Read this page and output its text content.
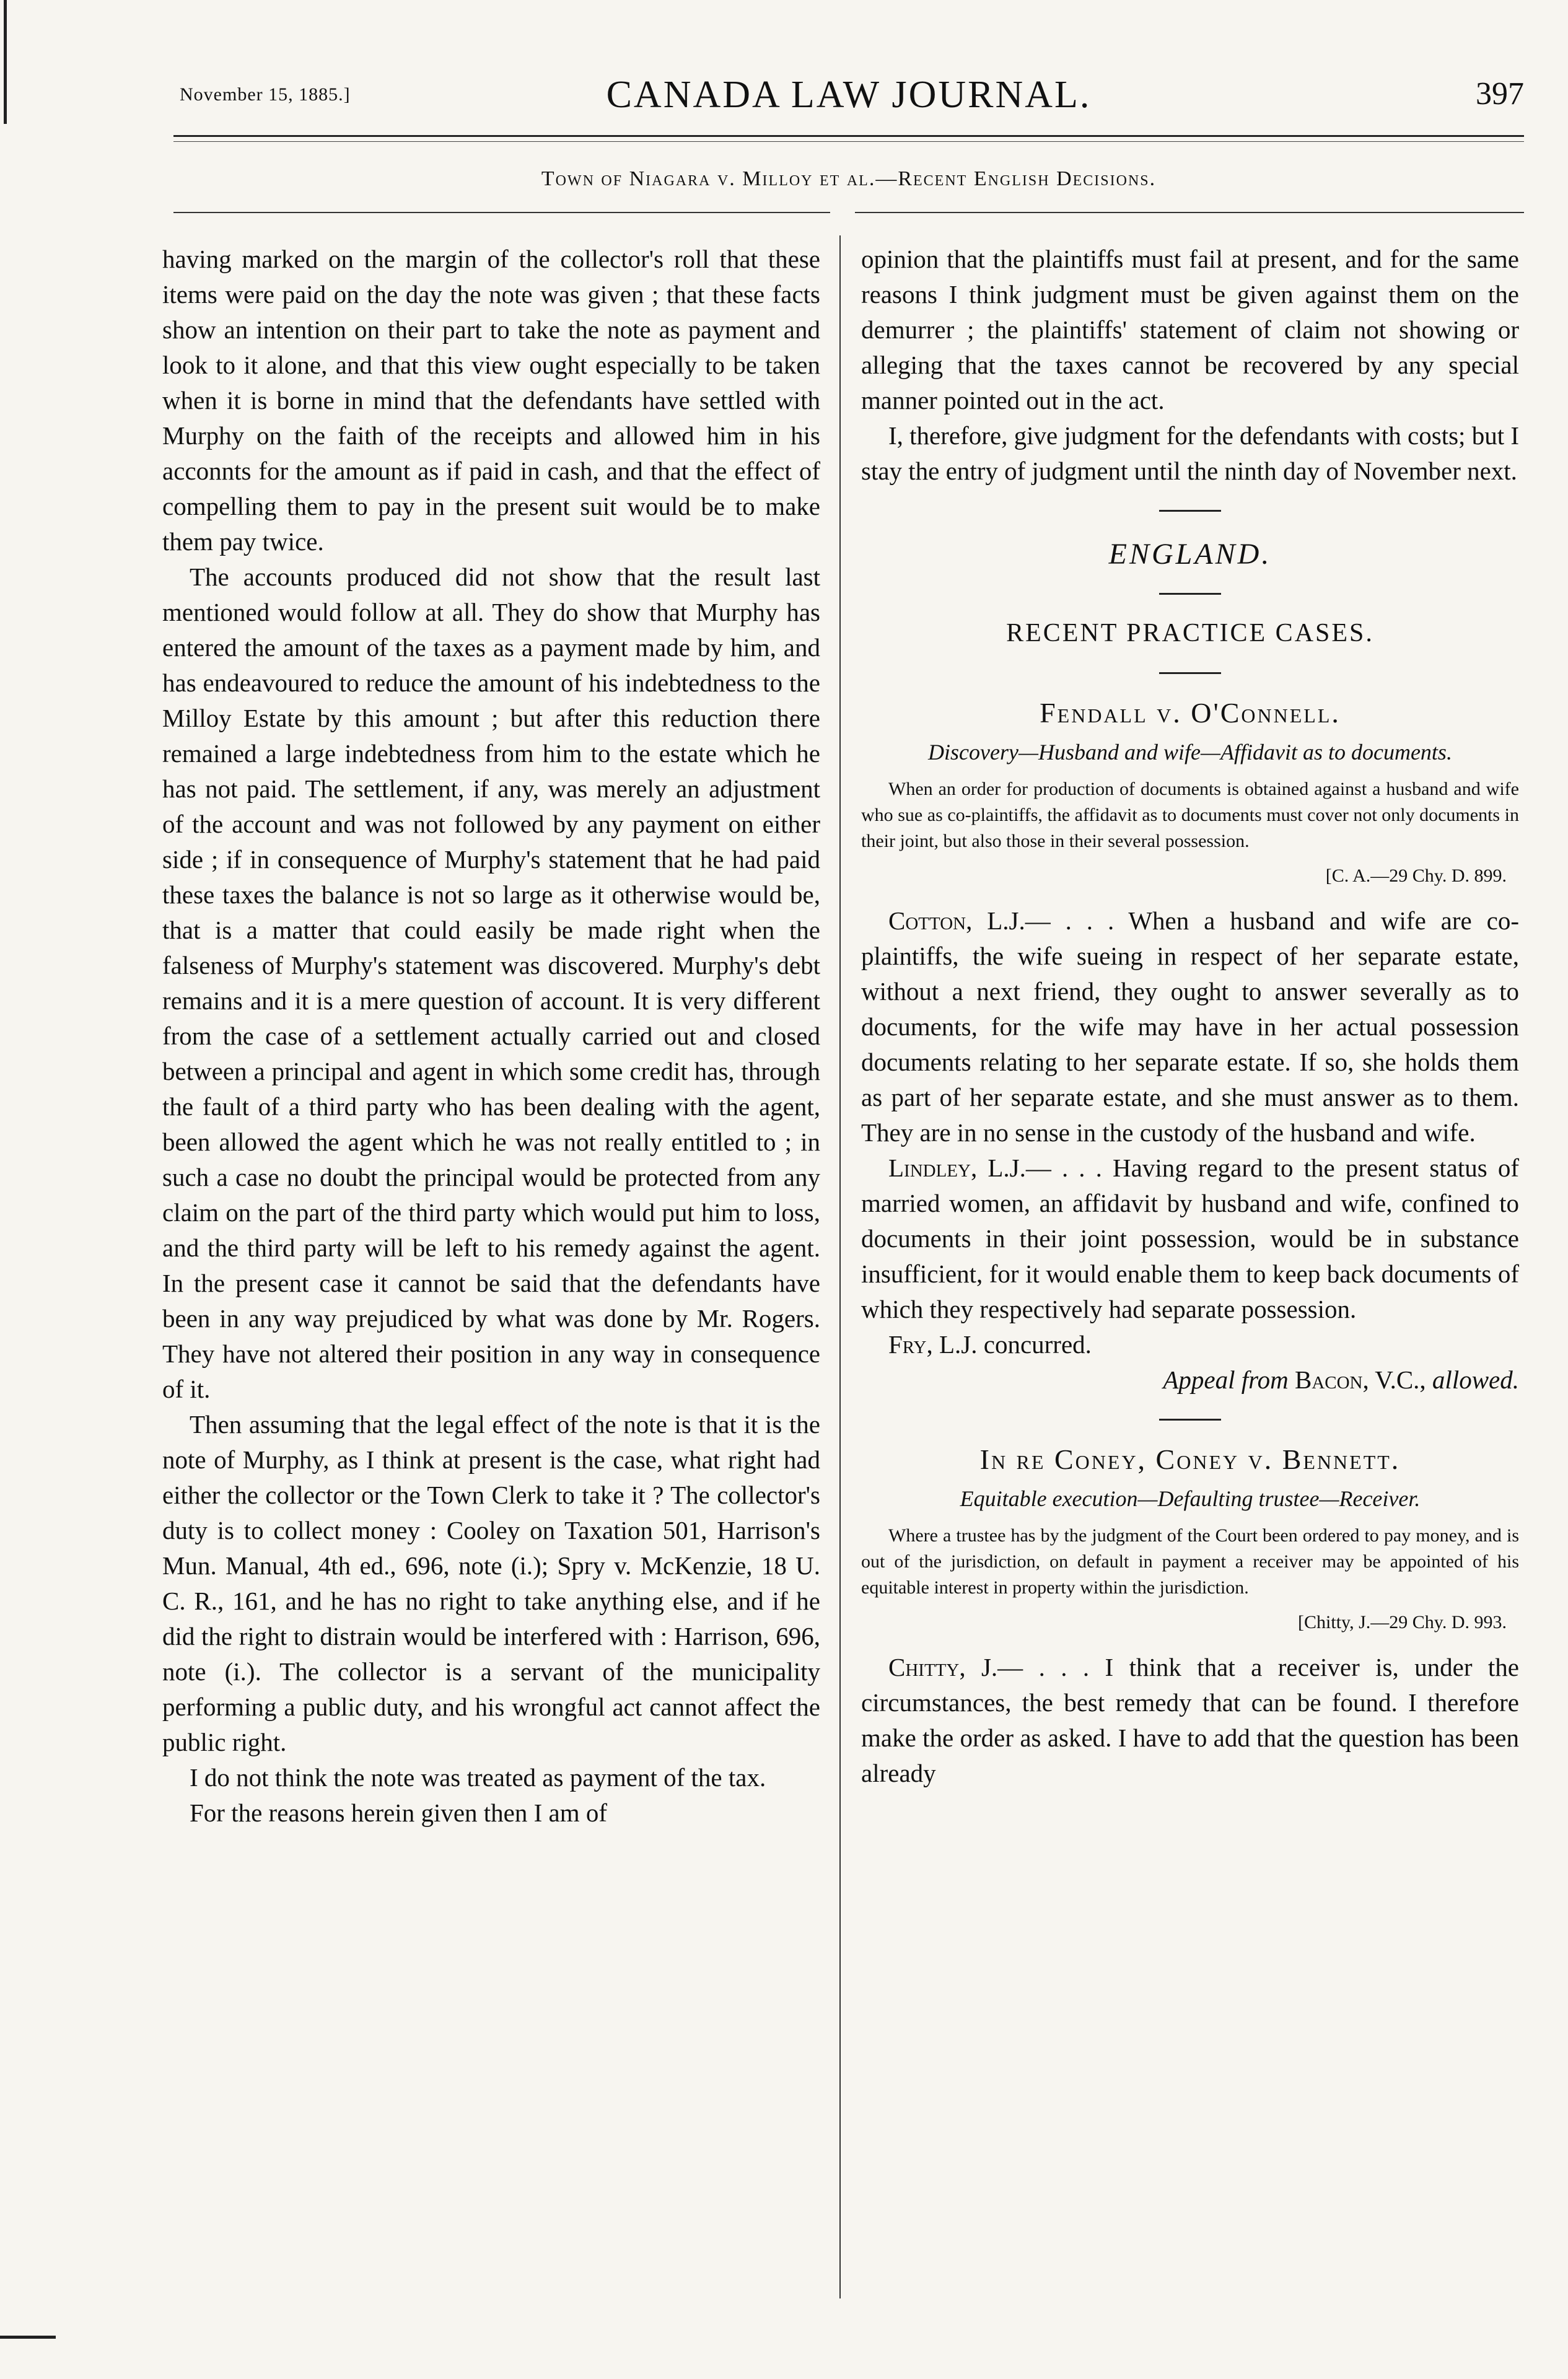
November 15, 1885.]	CANADA LAW JOURNAL.	397
Town of Niagara v. Milloy et al.—Recent English Decisions.

having marked on the margin of the collector's roll that these items were paid on the day the note was given ; that these facts show an intention on their part to take the note as payment and look to it alone, and that this view ought especially to be taken when it is borne in mind that the defendants have settled with Murphy on the faith of the receipts and allowed him in his acconnts for the amount as if paid in cash, and that the effect of compelling them to pay in the present suit would be to make them pay twice.

The accounts produced did not show that the result last mentioned would follow at all. They do show that Murphy has entered the amount of the taxes as a payment made by him, and has endeavoured to reduce the amount of his indebtedness to the Milloy Estate by this amount ; but after this reduction there remained a large indebtedness from him to the estate which he has not paid. The settlement, if any, was merely an adjustment of the account and was not followed by any payment on either side ; if in consequence of Murphy's statement that he had paid these taxes the balance is not so large as it otherwise would be, that is a matter that could easily be made right when the falseness of Murphy's statement was discovered. Murphy's debt remains and it is a mere question of account. It is very different from the case of a settlement actually carried out and closed between a principal and agent in which some credit has, through the fault of a third party who has been dealing with the agent, been allowed the agent which he was not really entitled to ; in such a case no doubt the principal would be protected from any claim on the part of the third party which would put him to loss, and the third party will be left to his remedy against the agent. In the present case it cannot be said that the defendants have been in any way prejudiced by what was done by Mr. Rogers. They have not altered their position in any way in consequence of it.

Then assuming that the legal effect of the note is that it is the note of Murphy, as I think at present is the case, what right had either the collector or the Town Clerk to take it ? The collector's duty is to collect money : Cooley on Taxation 501, Harrison's Mun. Manual, 4th ed., 696, note (i.); Spry v. McKenzie, 18 U. C. R., 161, and he has no right to take anything else, and if he did the right to distrain would be interfered with : Harrison, 696, note (i.). The collector is a servant of the municipality performing a public duty, and his wrongful act cannot affect the public right.

I do not think the note was treated as payment of the tax.

For the reasons herein given then I am of

opinion that the plaintiffs must fail at present, and for the same reasons I think judgment must be given against them on the demurrer ; the plaintiffs' statement of claim not showing or alleging that the taxes cannot be recovered by any special manner pointed out in the act.

I, therefore, give judgment for the defendants with costs; but I stay the entry of judgment until the ninth day of November next.

ENGLAND.
RECENT PRACTICE CASES.
Fendall v. O'Connell.
Discovery—Husband and wife—Affidavit as to documents.

When an order for production of documents is obtained against a husband and wife who sue as co-plaintiffs, the affidavit as to documents must cover not only documents in their joint, but also those in their several possession.

[C. A.—29 Chy. D. 899.

Cotton, L.J.— . . . When a husband and wife are co-plaintiffs, the wife sueing in respect of her separate estate, without a next friend, they ought to answer severally as to documents, for the wife may have in her actual possession documents relating to her separate estate. If so, she holds them as part of her separate estate, and she must answer as to them. They are in no sense in the custody of the husband and wife.

Lindley, L.J.— . . . Having regard to the present status of married women, an affidavit by husband and wife, confined to documents in their joint possession, would be in substance insufficient, for it would enable them to keep back documents of which they respectively had separate possession.

Fry, L.J. concurred.

Appeal from Bacon, V.C., allowed.

In re Coney, Coney v. Bennett.
Equitable execution—Defaulting trustee—Receiver.

Where a trustee has by the judgment of the Court been ordered to pay money, and is out of the jurisdiction, on default in payment a receiver may be appointed of his equitable interest in property within the jurisdiction.

[Chitty, J.—29 Chy. D. 993.

Chitty, J.— . . . I think that a receiver is, under the circumstances, the best remedy that can be found. I therefore make the order as asked. I have to add that the question has been already
